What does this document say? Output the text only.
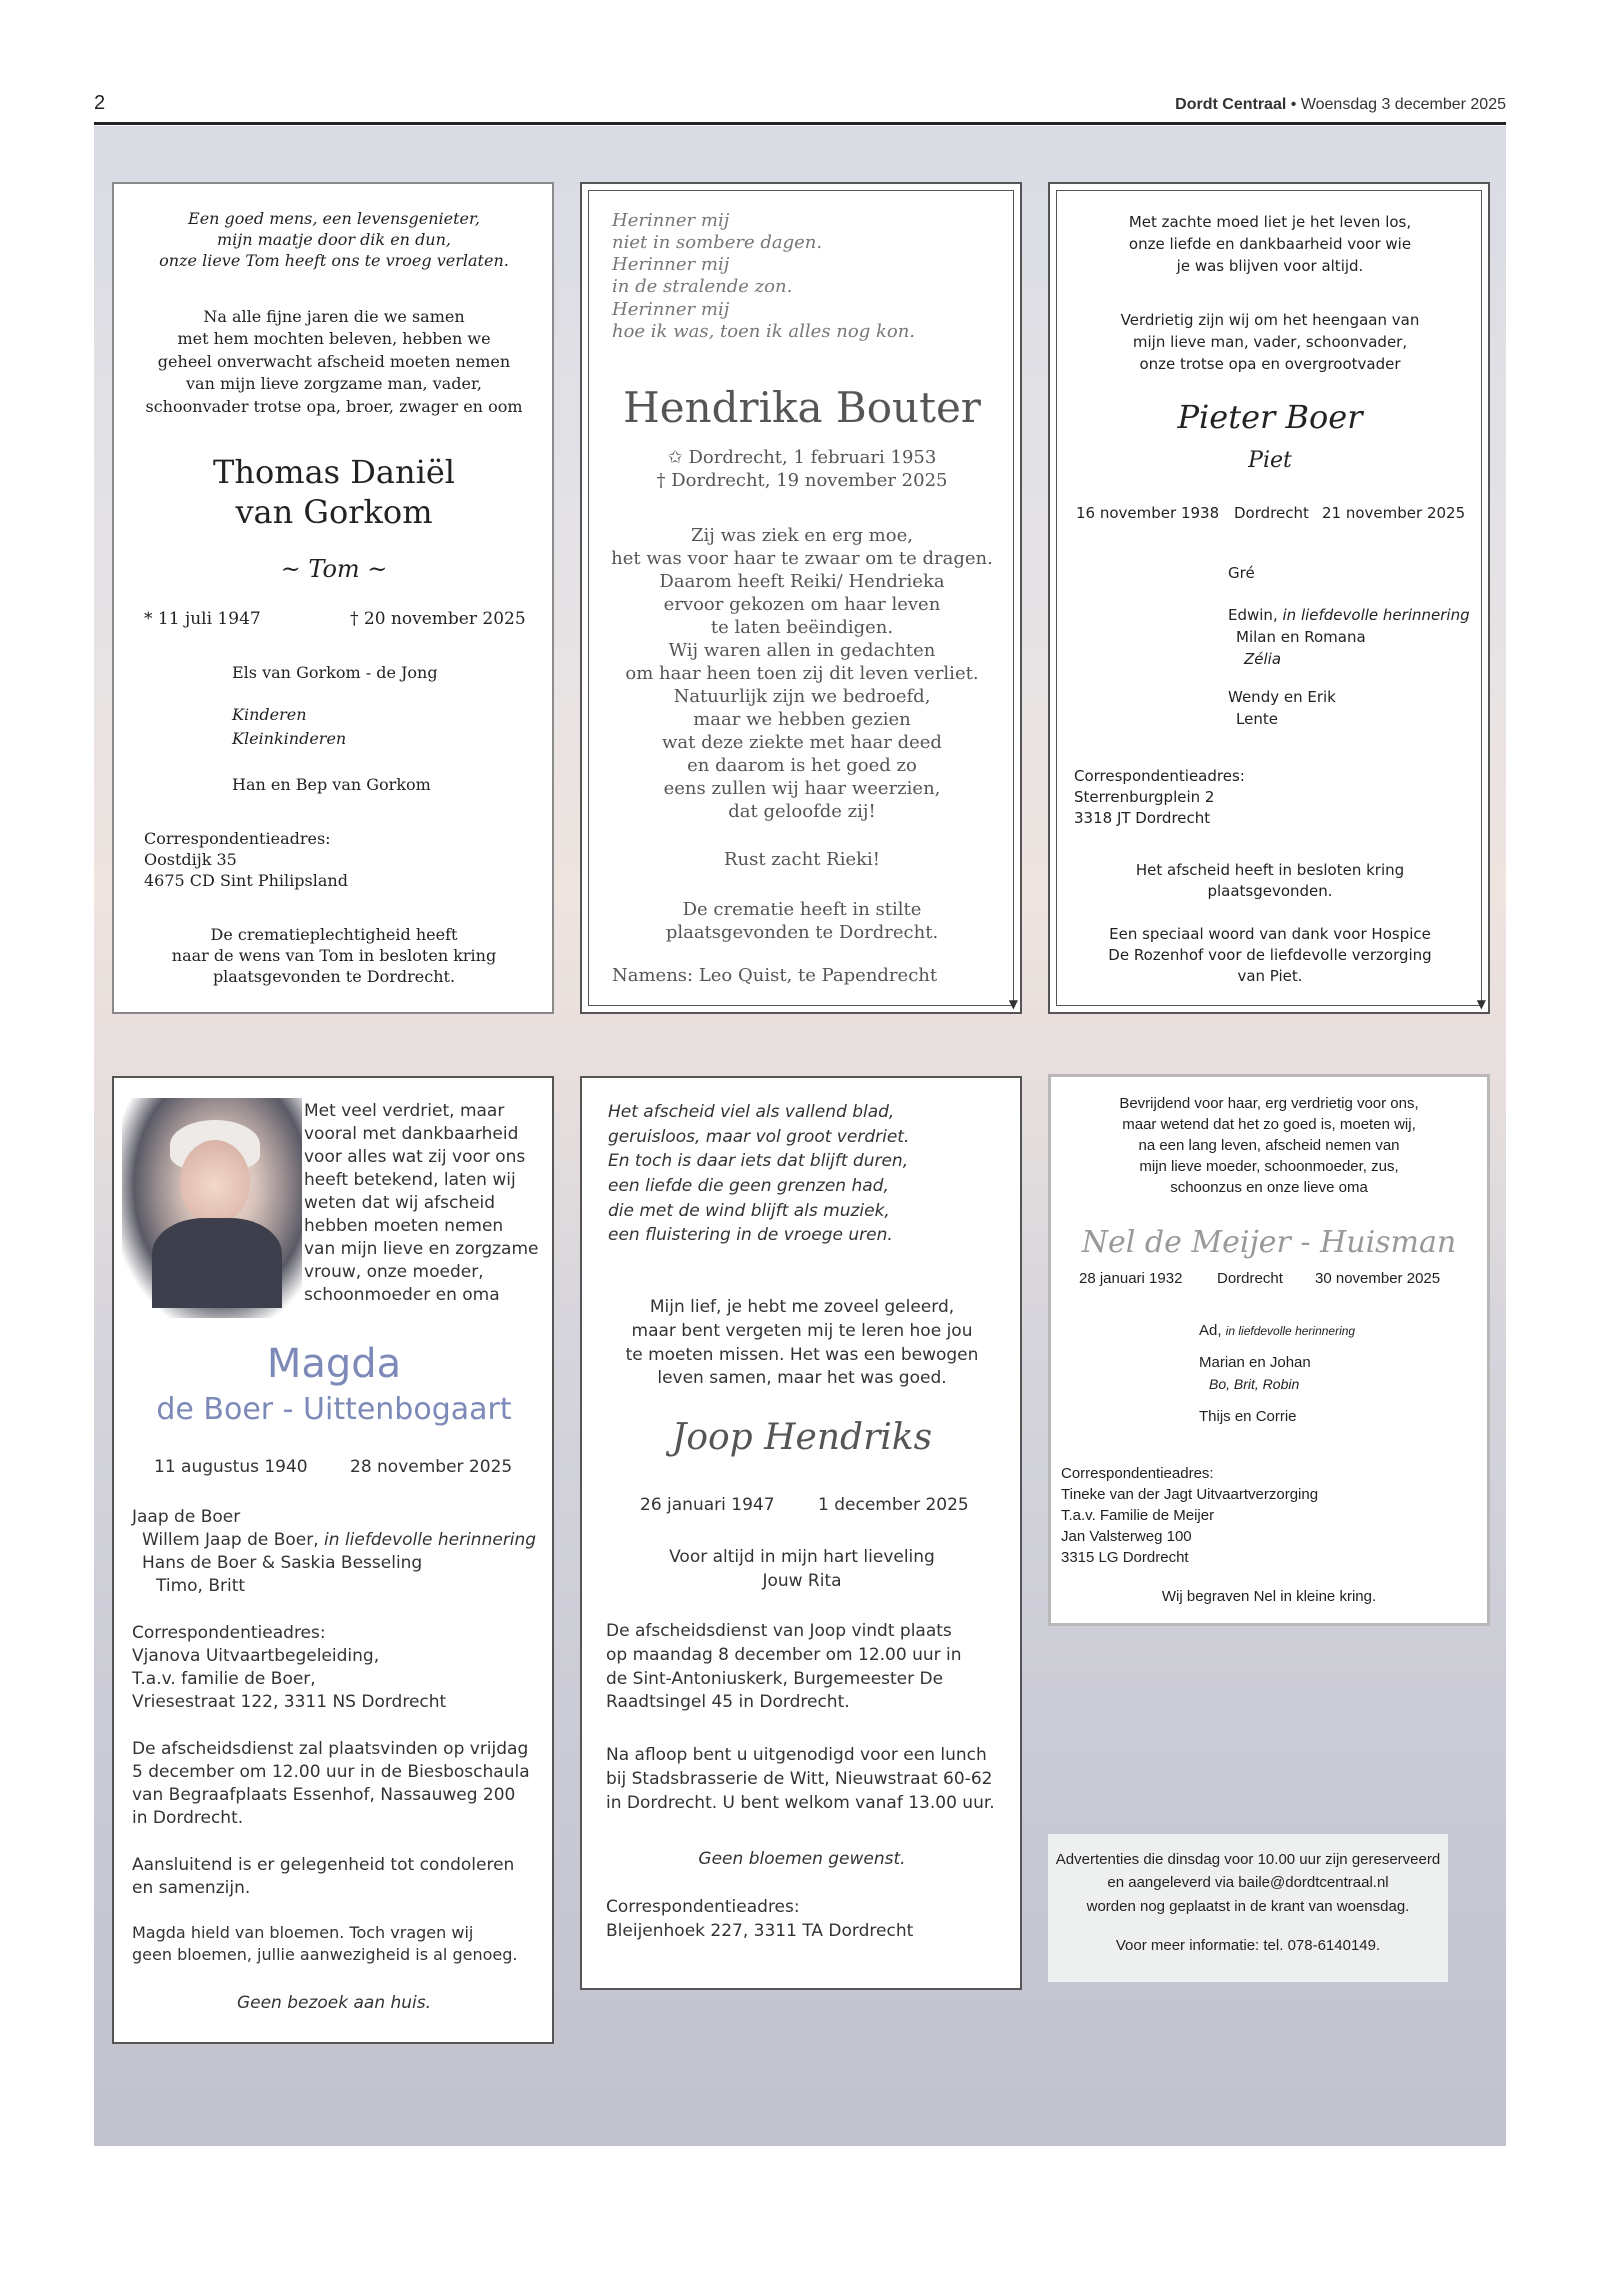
2	Dordt Centraal • Woensdag 3 december 2025
Een goed mens, een levensgenieter,
mijn maatje door dik en dun,
onze lieve Tom heeft ons te vroeg verlaten.
Na alle fijne jaren die we samen
met hem mochten beleven, hebben we
geheel onverwacht afscheid moeten nemen
van mijn lieve zorgzame man, vader,
schoonvader trotse opa, broer, zwager en oom
Thomas Daniël
van Gorkom
~ Tom ~
* 11 juli 1947	† 20 november 2025
Els van Gorkom - de Jong
Kinderen
Kleinkinderen
Han en Bep van Gorkom
Correspondentieadres:
Oostdijk 35
4675 CD Sint Philipsland
De crematieplechtigheid heeft
naar de wens van Tom in besloten kring
plaatsgevonden te Dordrecht.
Herinner mij
niet in sombere dagen.
Herinner mij
in de stralende zon.
Herinner mij
hoe ik was, toen ik alles nog kon.
Hendrika Bouter
✩ Dordrecht, 1 februari 1953
† Dordrecht, 19 november 2025
Zij was ziek en erg moe,
het was voor haar te zwaar om te dragen.
Daarom heeft Reiki/ Hendrieka
ervoor gekozen om haar leven
te laten beëindigen.
Wij waren allen in gedachten
om haar heen toen zij dit leven verliet.
Natuurlijk zijn we bedroefd,
maar we hebben gezien
wat deze ziekte met haar deed
en daarom is het goed zo
eens zullen wij haar weerzien,
dat geloofde zij!
Rust zacht Rieki!
De crematie heeft in stilte
plaatsgevonden te Dordrecht.
Namens: Leo Quist, te Papendrecht
▼
Met zachte moed liet je het leven los,
onze liefde en dankbaarheid voor wie
je was blijven voor altijd.
Verdrietig zijn wij om het heengaan van
mijn lieve man, vader, schoonvader,
onze trotse opa en overgrootvader
Pieter Boer
Piet
16 november 1938 Dordrecht 21 november 2025
Gré
Edwin, in liefdevolle herinnering
Milan en Romana
Zélia
Wendy en Erik
Lente
Correspondentieadres:
Sterrenburgplein 2
3318 JT Dordrecht
Het afscheid heeft in besloten kring
plaatsgevonden.
Een speciaal woord van dank voor Hospice
De Rozenhof voor de liefdevolle verzorging
van Piet.
▼
Met veel verdriet, maar
vooral met dankbaarheid
voor alles wat zij voor ons
heeft betekend, laten wij
weten dat wij afscheid
hebben moeten nemen
van mijn lieve en zorgzame
vrouw, onze moeder,
schoonmoeder en oma
Magda
de Boer - Uittenbogaart
11 augustus 1940 28 november 2025
Jaap de Boer
Willem Jaap de Boer, in liefdevolle herinnering
Hans de Boer & Saskia Besseling
Timo, Britt
Correspondentieadres:
Vjanova Uitvaartbegeleiding,
T.a.v. familie de Boer,
Vriesestraat 122, 3311 NS Dordrecht
De afscheidsdienst zal plaatsvinden op vrijdag
5 december om 12.00 uur in de Biesboschaula
van Begraafplaats Essenhof, Nassauweg 200
in Dordrecht.
Aansluitend is er gelegenheid tot condoleren
en samenzijn.
Magda hield van bloemen. Toch vragen wij
geen bloemen, jullie aanwezigheid is al genoeg.
Geen bezoek aan huis.
Het afscheid viel als vallend blad,
geruisloos, maar vol groot verdriet.
En toch is daar iets dat blijft duren,
een liefde die geen grenzen had,
die met de wind blijft als muziek,
een fluistering in de vroege uren.
Mijn lief, je hebt me zoveel geleerd,
maar bent vergeten mij te leren hoe jou
te moeten missen. Het was een bewogen
leven samen, maar het was goed.
Joop Hendriks
26 januari 1947	1 december 2025
Voor altijd in mijn hart lieveling
Jouw Rita
De afscheidsdienst van Joop vindt plaats
op maandag 8 december om 12.00 uur in
de Sint-Antoniuskerk, Burgemeester De
Raadtsingel 45 in Dordrecht.
Na afloop bent u uitgenodigd voor een lunch
bij Stadsbrasserie de Witt, Nieuwstraat 60-62
in Dordrecht. U bent welkom vanaf 13.00 uur.
Geen bloemen gewenst.
Correspondentieadres:
Bleijenhoek 227, 3311 TA Dordrecht
Bevrijdend voor haar, erg verdrietig voor ons,
maar wetend dat het zo goed is, moeten wij,
na een lang leven, afscheid nemen van
mijn lieve moeder, schoonmoeder, zus,
schoonzus en onze lieve oma
Nel de Meijer - Huisman
28 januari 1932 Dordrecht 30 november 2025
Ad, in liefdevolle herinnering
Marian en Johan
Bo, Brit, Robin
Thijs en Corrie
Correspondentieadres:
Tineke van der Jagt Uitvaartverzorging
T.a.v. Familie de Meijer
Jan Valsterweg 100
3315 LG Dordrecht
Wij begraven Nel in kleine kring.
Advertenties die dinsdag voor 10.00 uur zijn gereserveerd
en aangeleverd via baile@dordtcentraal.nl
worden nog geplaatst in de krant van woensdag.
Voor meer informatie: tel. 078-6140149.
